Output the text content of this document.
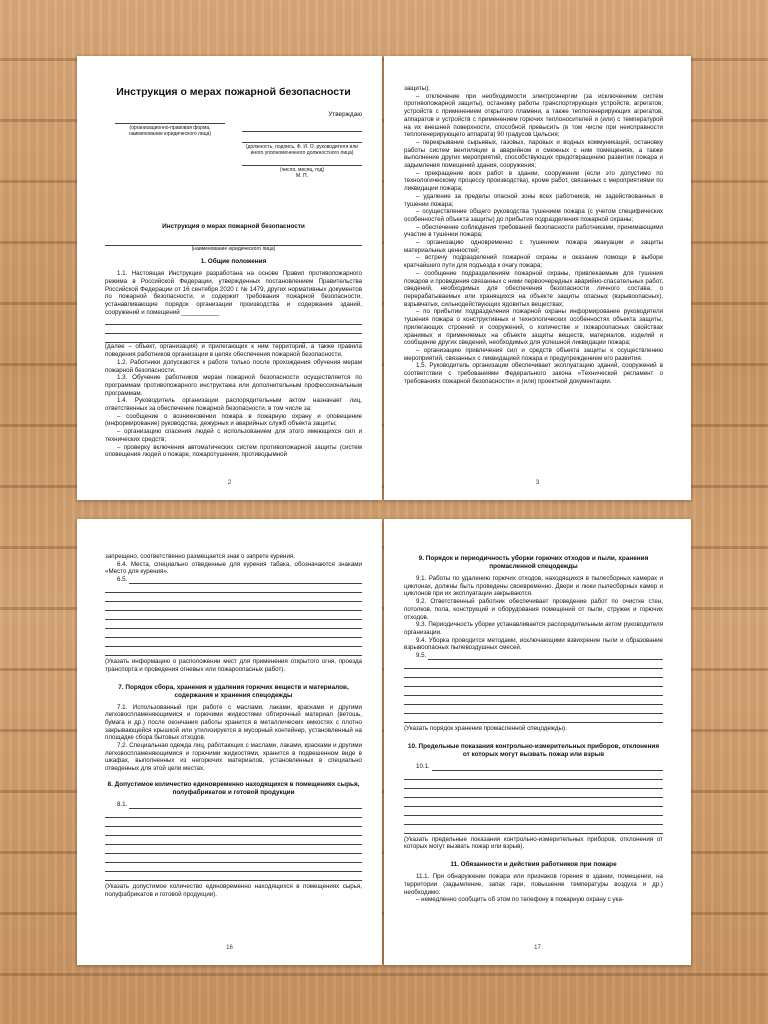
Инструкция о мерах пожарной безопасности
(организационно-правовая форма, наименование юридического лица)
Утверждаю
(должность, подпись, Ф. И. О. руководителя или иного уполномоченного должностного лица)
(число, месяц, год)
М. П.
Инструкция о мерах пожарной безопасности
(наименование юридического лица)
1. Общие положения

1.1. Настоящая Инструкция разработана на основе Правил противопожарного режима в Российской Федерации, утвержденных постановлением Правительства Российской Федерации от 16 сентября 2020 г. № 1479, других нормативных документов по пожарной безопасности, и содержит требования пожарной безопасности, устанавливающие порядок организации производства и содержания зданий, сооружений и помещений ___________

(далее – объект, организация) и прилегающих к ним территорий, а также правила поведения работников организации в целях обеспечения пожарной безопасности.

1.2. Работники допускаются к работе только после прохождения обучения мерам пожарной безопасности.

1.3. Обучение работников мерам пожарной безопасности осуществляется по программам противопожарного инструктажа или дополнительным профессиональным программам.

1.4. Руководитель организации распорядительным актом назначает лиц, ответственных за обеспечение пожарной безопасности, в том числе за:

– сообщение о возникновении пожара в пожарную охрану и оповещение (информирование) руководства, дежурных и аварийных служб объекта защиты;

– организацию спасения людей с использованием для этого имеющихся сил и технических средств;

– проверку включения автоматических систем противопожарной защиты (систем оповещения людей о пожаре, пожаротушения, противодымной

2

защиты);

– отключение при необходимости электроэнергии (за исключением систем противопожарной защиты), остановку работы транспортирующих устройств, агрегатов, устройств с применением открытого пламени, а также теплогенерирующих агрегатов, аппаратов и устройств с применением горючих теплоносителей и (или) с температурой на их внешней поверхности, способной превысить (в том числе при неисправности теплогенерирующего аппарата) 90 градусов Цельсия;

– перекрывание сырьевых, газовых, паровых и водных коммуникаций, остановку работы систем вентиляции в аварийном и смежных с ним помещениях, а также выполнение других мероприятий, способствующих предотвращению развития пожара и задымления помещений здания, сооружения;

– прекращение всех работ в здании, сооружении (если это допустимо по технологическому процессу производства), кроме работ, связанных с мероприятиями по ликвидации пожара;

– удаление за пределы опасной зоны всех работников, не задействованных в тушении пожара;

– осуществление общего руководства тушением пожара (с учетом специфических особенностей объекта защиты) до прибытия подразделения пожарной охраны;

– обеспечение соблюдения требований безопасности работниками, принимающими участие в тушении пожара;

– организацию одновременно с тушением пожара эвакуации и защиты материальных ценностей;

– встречу подразделений пожарной охраны и оказание помощи в выборе кратчайшего пути для подъезда к очагу пожара;

– сообщение подразделениям пожарной охраны, привлекаемым для тушения пожаров и проведения связанных с ними первоочередных аварийно-спасательных работ, сведений, необходимых для обеспечения безопасности личного состава, о перерабатываемых или хранящихся на объекте защиты опасных (взрывоопасных), взрывчатых, сильнодействующих ядовитых веществах;

– по прибытии подразделения пожарной охраны информирование руководителя тушения пожара о конструктивных и технологических особенностях объекта защиты, прилегающих строений и сооружений, о количестве и пожароопасных свойствах хранимых и применяемых на объекте защиты веществ, материалов, изделий и сообщение других сведений, необходимых для успешной ликвидации пожара;

– организацию привлечения сил и средств объекта защиты к осуществлению мероприятий, связанных с ликвидацией пожара и предупреждением его развития.

1.5. Руководитель организации обеспечивает эксплуатацию зданий, сооружений в соответствии с требованиями Федерального закона «Технический регламент о требованиях пожарной безопасности» и (или) проектной документации.

3

запрещено, соответственно размещается знак о запрете курения.

6.4. Места, специально отведенные для курения табака, обозначаются знаками «Место для курения».

6.5.

(Указать информацию о расположении мест для применения открытого огня, проезда транспорта и проведения огневых или пожароопасных работ).

7. Порядок сбора, хранения и удаления горючих веществ и материалов, содержания и хранения спецодежды

7.1. Использованный при работе с маслами, лаками, красками и другими легковоспламеняющимися и горючими жидкостями обтирочный материал (ветошь, бумага и др.) после окончания работы хранится в металлических емкостях с плотно закрывающейся крышкой или утилизируется в мусорный контейнер, установленный на площадке сбора бытовых отходов.

7.2. Специальная одежда лиц, работающих с маслами, лаками, красками и другими легковоспламеняющимися и горючими жидкостями, хранится в подвешенном виде в шкафах, выполненных из негорючих материалов, установленных в специально отведенных для этой цели местах.

8. Допустимое количество единовременно находящихся в помещениях сырья, полуфабрикатов и готовой продукции
8.1.

(Указать допустимое количество единовременно находящихся в помещениях сырья, полуфабрикатов и готовой продукции).

16
9. Порядок и периодичность уборки горючих отходов и пыли, хранения промасленной спецодежды

9.1. Работы по удалению горючих отходов, находящихся в пылесборных камерах и циклонах, должны быть проведены своевременно. Двери и люки пылесборных камер и циклонов при их эксплуатации закрываются.

9.2. Ответственный работник обеспечивает проведение работ по очистке стен, потолков, пола, конструкций и оборудования помещений от пыли, стружек и горючих отходов.

9.3. Периодичность уборки устанавливается распорядительным актом руководителя организации.

9.4. Уборка проводится методами, исключающими взвихрение пыли и образование взрывоопасных пылевоздушных смесей.

9.5.

(Указать порядок хранения промасленной спецодежды).

10. Предельные показания контрольно-измерительных приборов, отклонения от которых могут вызвать пожар или взрыв
10.1.

(Указать предельные показания контрольно-измерительных приборов, отклонения от которых могут вызвать пожар или взрыв).

11. Обязанности и действия работников при пожаре

11.1. При обнаружении пожара или признаков горения в здании, помещении, на территории (задымление, запах гари, повышение температуры воздуха и др.) необходимо:

– немедленно сообщить об этом по телефону в пожарную охрану с ука-

17
